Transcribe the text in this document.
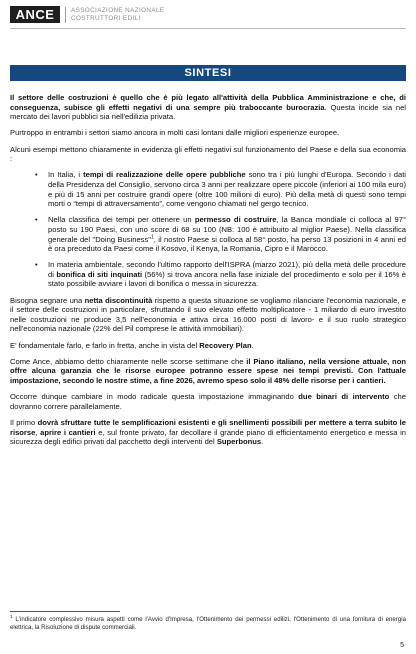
ANCE	ASSOCIAZIONE NAZIONALE
COSTRUTTORI EDILI
SINTESI

Il settore delle costruzioni è quello che è più legato all'attività della Pubblica Amministrazione e che, di conseguenza, subisce gli effetti negativi di una sempre più traboccante burocrazia. Questa incide sia nel mercato dei lavori pubblici sia nell'edilizia privata.

Purtroppo in entrambi i settori siamo ancora in molti casi lontani dalle migliori esperienze europee.

Alcuni esempi mettono chiaramente in evidenza gli effetti negativi sul funzionamento del Paese e della sua economia :

• In Italia, i tempi di realizzazione delle opere pubbliche sono tra i più lunghi d'Europa. Secondo i dati della Presidenza del Consiglio, servono circa 3 anni per realizzare opere piccole (inferiori ai 100 mila euro) e più di 15 anni per costruire grandi opere (oltre 100 milioni di euro). Più della metà di questi sono tempi morti o “tempi di attraversamento”, come vengono chiamati nel gergo tecnico.
• Nella classifica dei tempi per ottenere un permesso di costruire, la Banca mondiale ci colloca al 97° posto su 190 Paesi, con uno score di 68 su 100 (NB: 100 è attribuito al miglior Paese). Nella classifica generale del "Doing Business"$^1$, il nostro Paese si colloca al 58° posto, ha perso 13 posizioni in 4 anni ed è ora preceduto da Paesi come il Kosovo, il Kenya, la Romania, Cipro e il Marocco.
• In materia ambientale, secondo l'ultimo rapporto dell'ISPRA (marzo 2021), più della metà delle procedure di bonifica di siti inquinati (56%) si trova ancora nella fase iniziale del procedimento e solo per il 16% è stato possibile avviare i lavori di bonifica o messa in sicurezza.

Bisogna segnare una netta discontinuità rispetto a questa situazione se vogliamo rilanciare l'economia nazionale, e il settore delle costruzioni in particolare, sfruttando il suo elevato effetto moltiplicatore - 1 miliardo di euro investito nelle costruzioni ne produce 3,5 nell'economia e attiva circa 16.000 posti di lavoro- e il suo ruolo strategico nell'economia nazionale (22% del Pil comprese le attività immobiliari).

E' fondamentale farlo, e farlo in fretta, anche in vista del Recovery Plan.

Come Ance, abbiamo detto chiaramente nelle scorse settimane che il Piano italiano, nella versione attuale, non offre alcuna garanzia che le risorse europee potranno essere spese nei tempi previsti. Con l'attuale impostazione, secondo le nostre stime, a fine 2026, avremo speso solo il 48% delle risorse per i cantieri.

Occorre dunque cambiare in modo radicale questa impostazione immaginando due binari di intervento che dovranno correre parallelamente.

Il primo dovrà sfruttare tutte le semplificazioni esistenti e gli snellimenti possibili per mettere a terra subito le risorse, aprire i cantieri e, sul fronte privato, far decollare il grande piano di efficientamento energetico e messa in sicurezza degli edifici privati dal pacchetto degli interventi del Superbonus.

$^1$ L'indicatore complessivo misura aspetti come l'Avvio d'Impresa, l'Ottenimento dei permessi edilizi, l'Ottenimento di una fornitura di energia elettrica, la Risoluzione di dispute commerciali.
5
